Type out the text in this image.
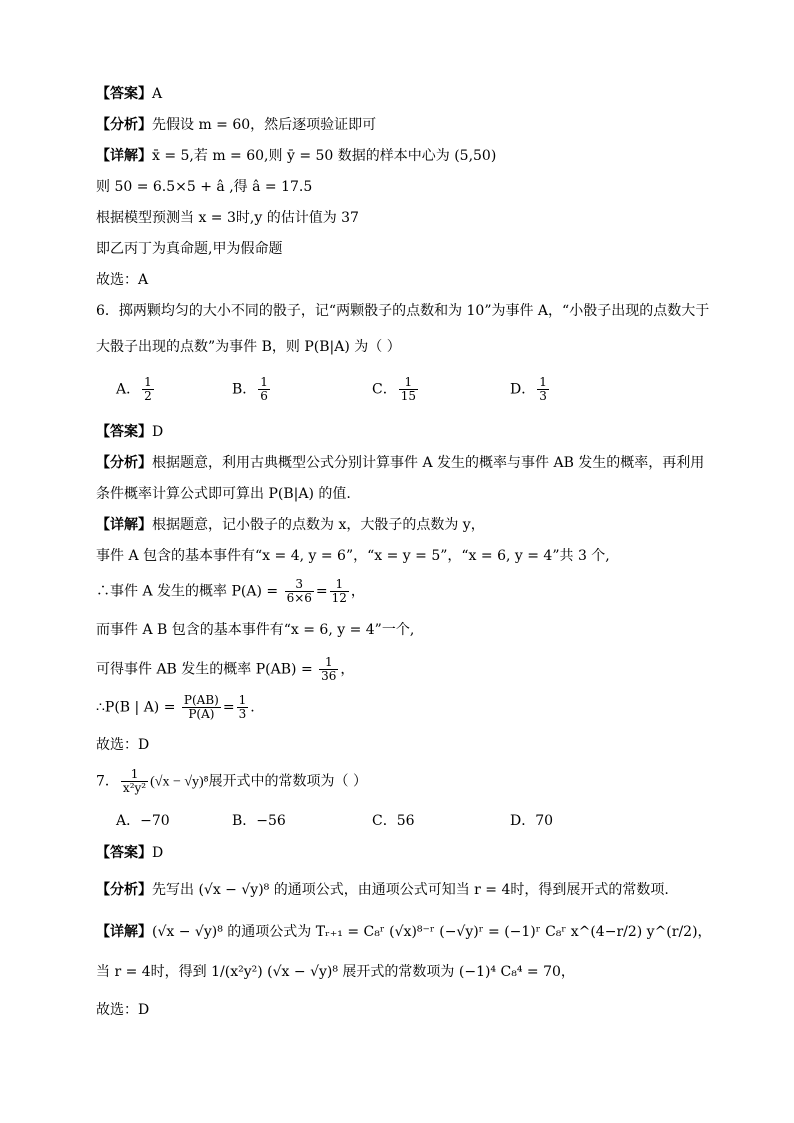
【答案】A
【分析】先假设 m = 60，然后逐项验证即可
【详解】x̄ = 5,若 m = 60,则 ȳ = 50 数据的样本中心为 (5,50)
则 50 = 6.5×5 + â ,得 â = 17.5
根据模型预测当 x = 3时,y 的估计值为 37
即乙丙丁为真命题,甲为假命题
故选：A
6．掷两颗均匀的大小不同的骰子，记“两颗骰子的点数和为 10”为事件 A，“小骰子出现的点数大于
大骰子出现的点数”为事件 B，则 P(B|A) 为（ ）
A． $\frac{1}{2}$	B． $\frac{1}{6}$	C． $\frac{1}{15}$	D． $\frac{1}{3}$
【答案】D
【分析】根据题意，利用古典概型公式分别计算事件 A 发生的概率与事件 AB 发生的概率，再利用
条件概率计算公式即可算出 P(B|A) 的值.
【详解】根据题意，记小骰子的点数为 x，大骰子的点数为 y，
事件 A 包含的基本事件有“x = 4, y = 6”，“x = y = 5”，“x = 6, y = 4”共 3 个,
∴事件 A 发生的概率 $P(A) = \frac{3}{6\times 6} = \frac{1}{12}$ ，
而事件 A B 包含的基本事件有“x = 6, y = 4”一个,
可得事件 AB 发生的概率 $P(AB) = \frac{1}{36}$ ，
∴P(B | $A) = \frac{P(AB)}{P(A)} = \frac{1}{3}$ .
故选：D
7． $\frac{1}{\text{x²y²}} (√x - √y)^8$展开式中的常数项为（ ）
A．−70	B．−56	C．56	D．70
【答案】D
【分析】先写出 (√x − √y)⁸ 的通项公式，由通项公式可知当 r = 4时，得到展开式的常数项.
【详解】(√x − √y)⁸ 的通项公式为 Tᵣ₊₁ = C₈ʳ (√x)⁸⁻ʳ (−√y)ʳ = (−1)ʳ C₈ʳ x^(4−r/2) y^(r/2)，
当 r = 4时，得到 1/(x²y²) (√x − √y)⁸ 展开式的常数项为 (−1)⁴ C₈⁴ = 70，
故选：D
